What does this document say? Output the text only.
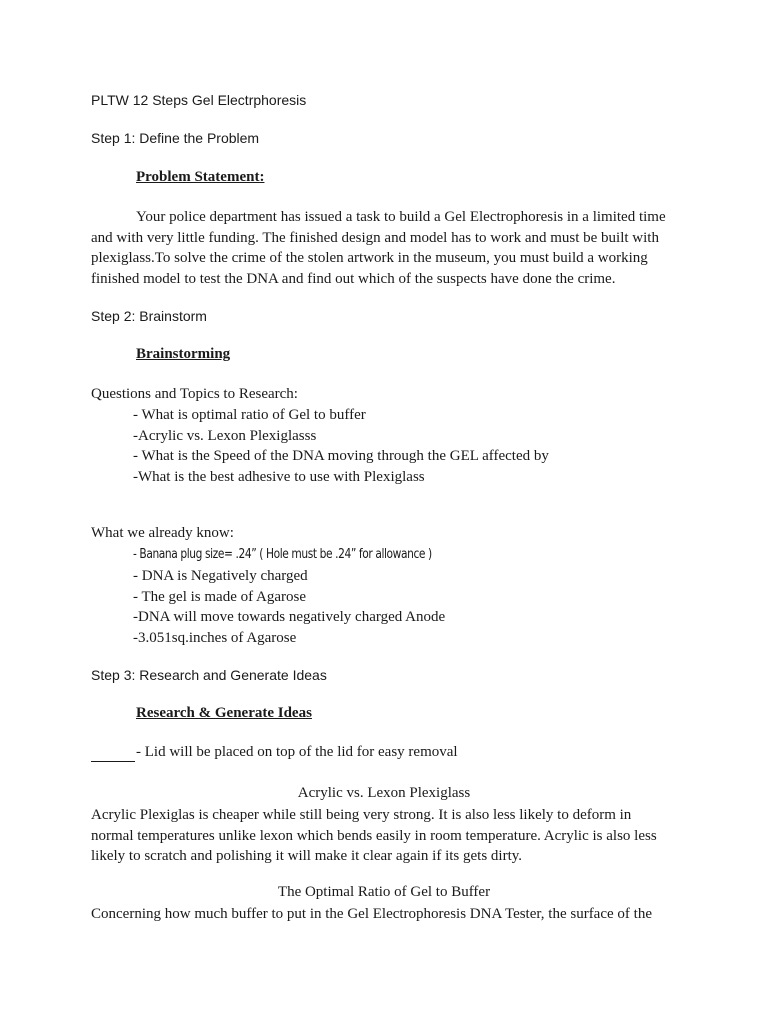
PLTW 12 Steps Gel Electrphoresis
Step 1: Define the Problem
Problem Statement:

Your police department has issued a task to build a Gel Electrophoresis in a limited time

and with very little funding. The finished design and model has to work and must be built with

plexiglass.To solve the crime of the stolen artwork in the museum, you must build a working

finished model to test the DNA and find out which of the suspects have done the crime.

Step 2: Brainstorm
Brainstorming
Questions and Topics to Research:

- What is optimal ratio of Gel to buffer

-Acrylic vs. Lexon Plexiglasss

- What is the Speed of the DNA moving through the GEL affected by

-What is the best adhesive to use with Plexiglass

What we already know:
- Banana plug size= .24” ( Hole must be .24” for allowance )

- DNA is Negatively charged

- The gel is made of Agarose

-DNA will move towards negatively charged Anode

-3.051sq.inches of Agarose

Step 3: Research and Generate Ideas
Research & Generate Ideas
- Lid will be placed on top of the lid for easy removal
Acrylic vs. Lexon Plexiglass

Acrylic Plexiglas is cheaper while still being very strong. It is also less likely to deform in

normal temperatures unlike lexon which bends easily in room temperature. Acrylic is also less

likely to scratch and polishing it will make it clear again if its gets dirty.

The Optimal Ratio of Gel to Buffer

Concerning how much buffer to put in the Gel Electrophoresis DNA Tester, the surface of the
